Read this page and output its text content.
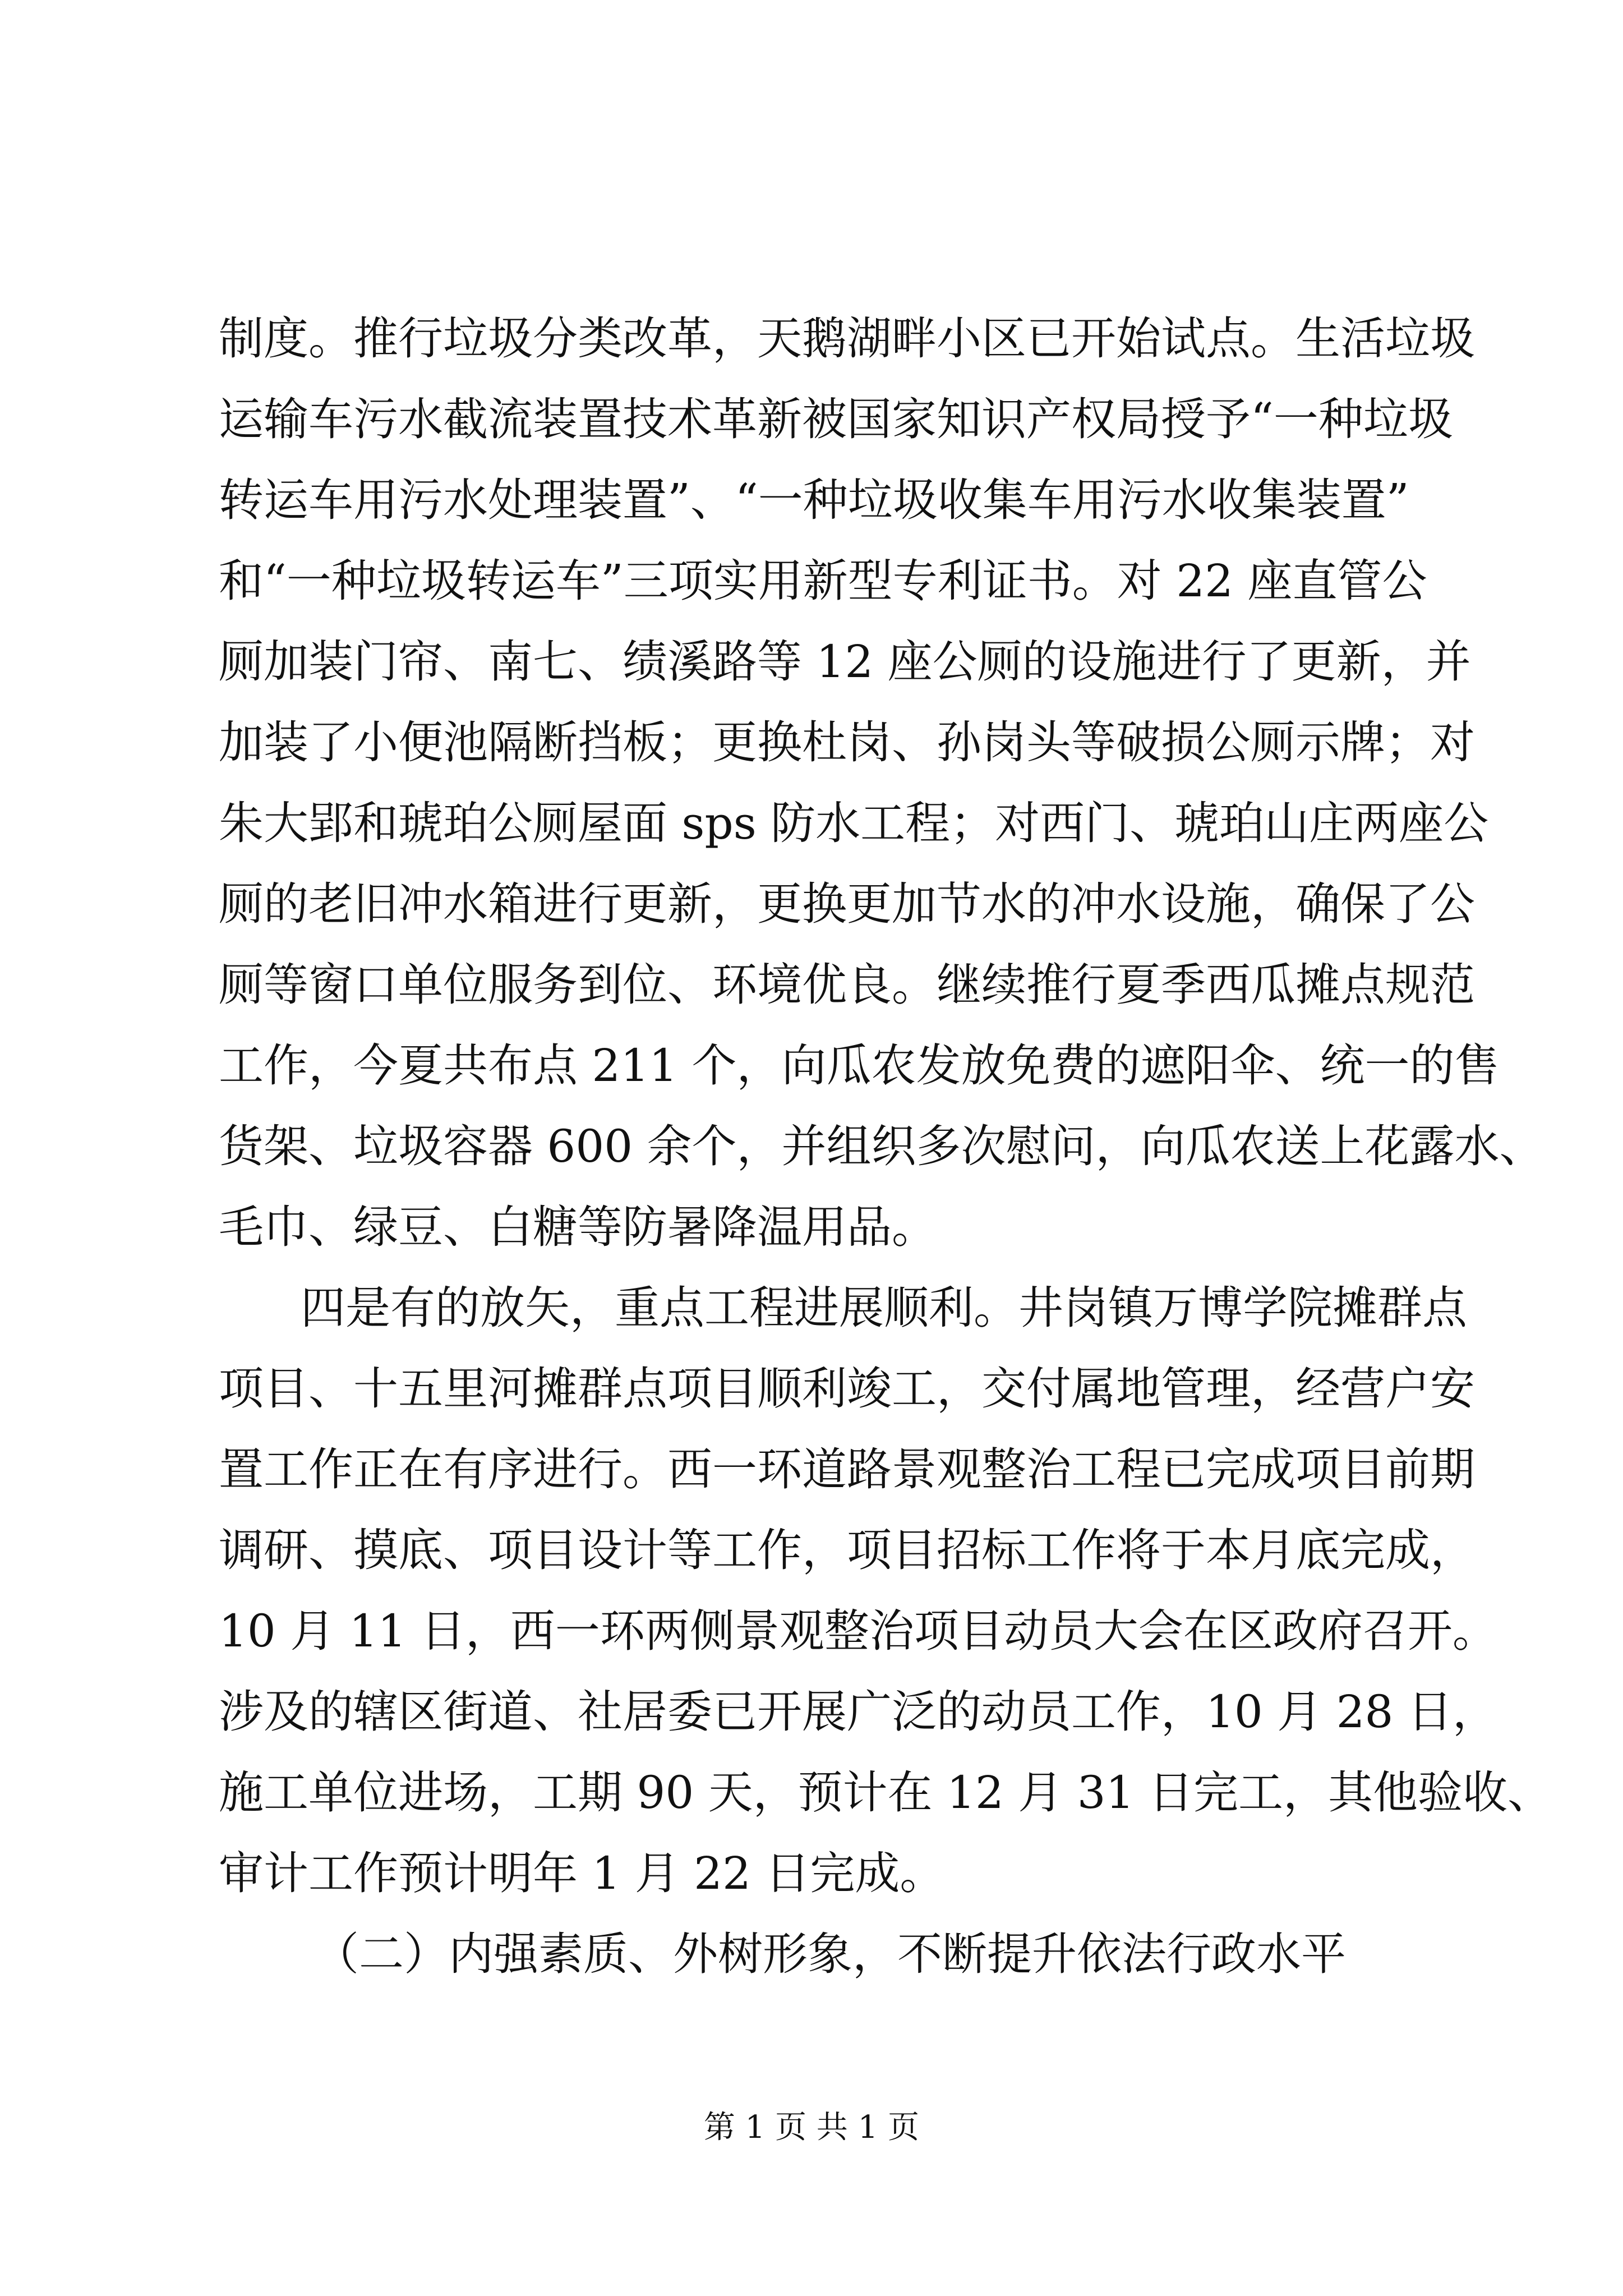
制度。推行垃圾分类改革，天鹅湖畔小区已开始试点。生活垃圾
运输车污水截流装置技术革新被国家知识产权局授予“一种垃圾
转运车用污水处理装置”、“一种垃圾收集车用污水收集装置”
和“一种垃圾转运车”三项实用新型专利证书。对 22 座直管公
厕加装门帘、南七、绩溪路等 12 座公厕的设施进行了更新，并
加装了小便池隔断挡板；更换杜岗、孙岗头等破损公厕示牌；对
朱大郢和琥珀公厕屋面 sps 防水工程；对西门、琥珀山庄两座公
厕的老旧冲水箱进行更新，更换更加节水的冲水设施，确保了公
厕等窗口单位服务到位、环境优良。继续推行夏季西瓜摊点规范
工作，今夏共布点 211 个，向瓜农发放免费的遮阳伞、统一的售
货架、垃圾容器 600 余个，并组织多次慰问，向瓜农送上花露水、
毛巾、绿豆、白糖等防暑降温用品。
四是有的放矢，重点工程进展顺利。井岗镇万博学院摊群点
项目、十五里河摊群点项目顺利竣工，交付属地管理，经营户安
置工作正在有序进行。西一环道路景观整治工程已完成项目前期
调研、摸底、项目设计等工作，项目招标工作将于本月底完成，
10 月 11 日，西一环两侧景观整治项目动员大会在区政府召开。
涉及的辖区街道、社居委已开展广泛的动员工作，10 月 28 日，
施工单位进场，工期 90 天，预计在 12 月 31 日完工，其他验收、
审计工作预计明年 1 月 22 日完成。
（二）内强素质、外树形象，不断提升依法行政水平
第 1 页 共 1 页
